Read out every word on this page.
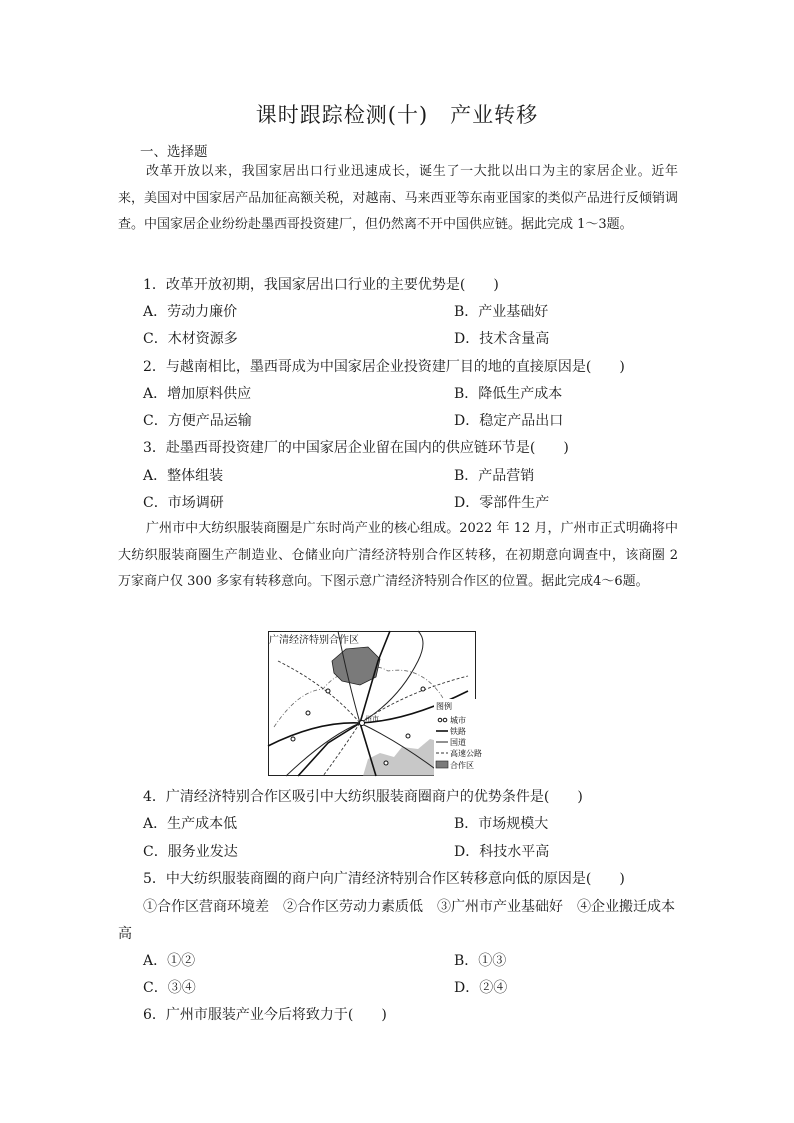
课时跟踪检测(十)　产业转移
一、选择题
改革开放以来，我国家居出口行业迅速成长，诞生了一大批以出口为主的家居企业。近年来，美国对中国家居产品加征高额关税，对越南、马来西亚等东南亚国家的类似产品进行反倾销调查。中国家居企业纷纷赴墨西哥投资建厂，但仍然离不开中国供应链。据此完成 1～3题。
1．改革开放初期，我国家居出口行业的主要优势是(　　)
A．劳动力廉价	B．产业基础好
C．木材资源多	D．技术含量高
2．与越南相比，墨西哥成为中国家居企业投资建厂目的地的直接原因是(　　)
A．增加原料供应	B．降低生产成本
C．方便产品运输	D．稳定产品出口
3．赴墨西哥投资建厂的中国家居企业留在国内的供应链环节是(　　)
A．整体组装	B．产品营销
C．市场调研	D．零部件生产
广州市中大纺织服装商圈是广东时尚产业的核心组成。2022 年 12 月，广州市正式明确将中大纺织服装商圈生产制造业、仓储业向广清经济特别合作区转移，在初期意向调查中，该商圈 2 万家商户仅 300 多家有转移意向。下图示意广清经济特别合作区的位置。据此完成4～6题。
广清经济特别合作区
州市
图例
城市
铁路
国道
高速公路
合作区
4．广清经济特别合作区吸引中大纺织服装商圈商户的优势条件是(　　)
A．生产成本低	B．市场规模大
C．服务业发达	D．科技水平高
5．中大纺织服装商圈的商户向广清经济特别合作区转移意向低的原因是(　　)
①合作区营商环境差　②合作区劳动力素质低　③广州市产业基础好　④企业搬迁成本
高
A．①②	B．①③
C．③④	D．②④
6．广州市服装产业今后将致力于(　　)
